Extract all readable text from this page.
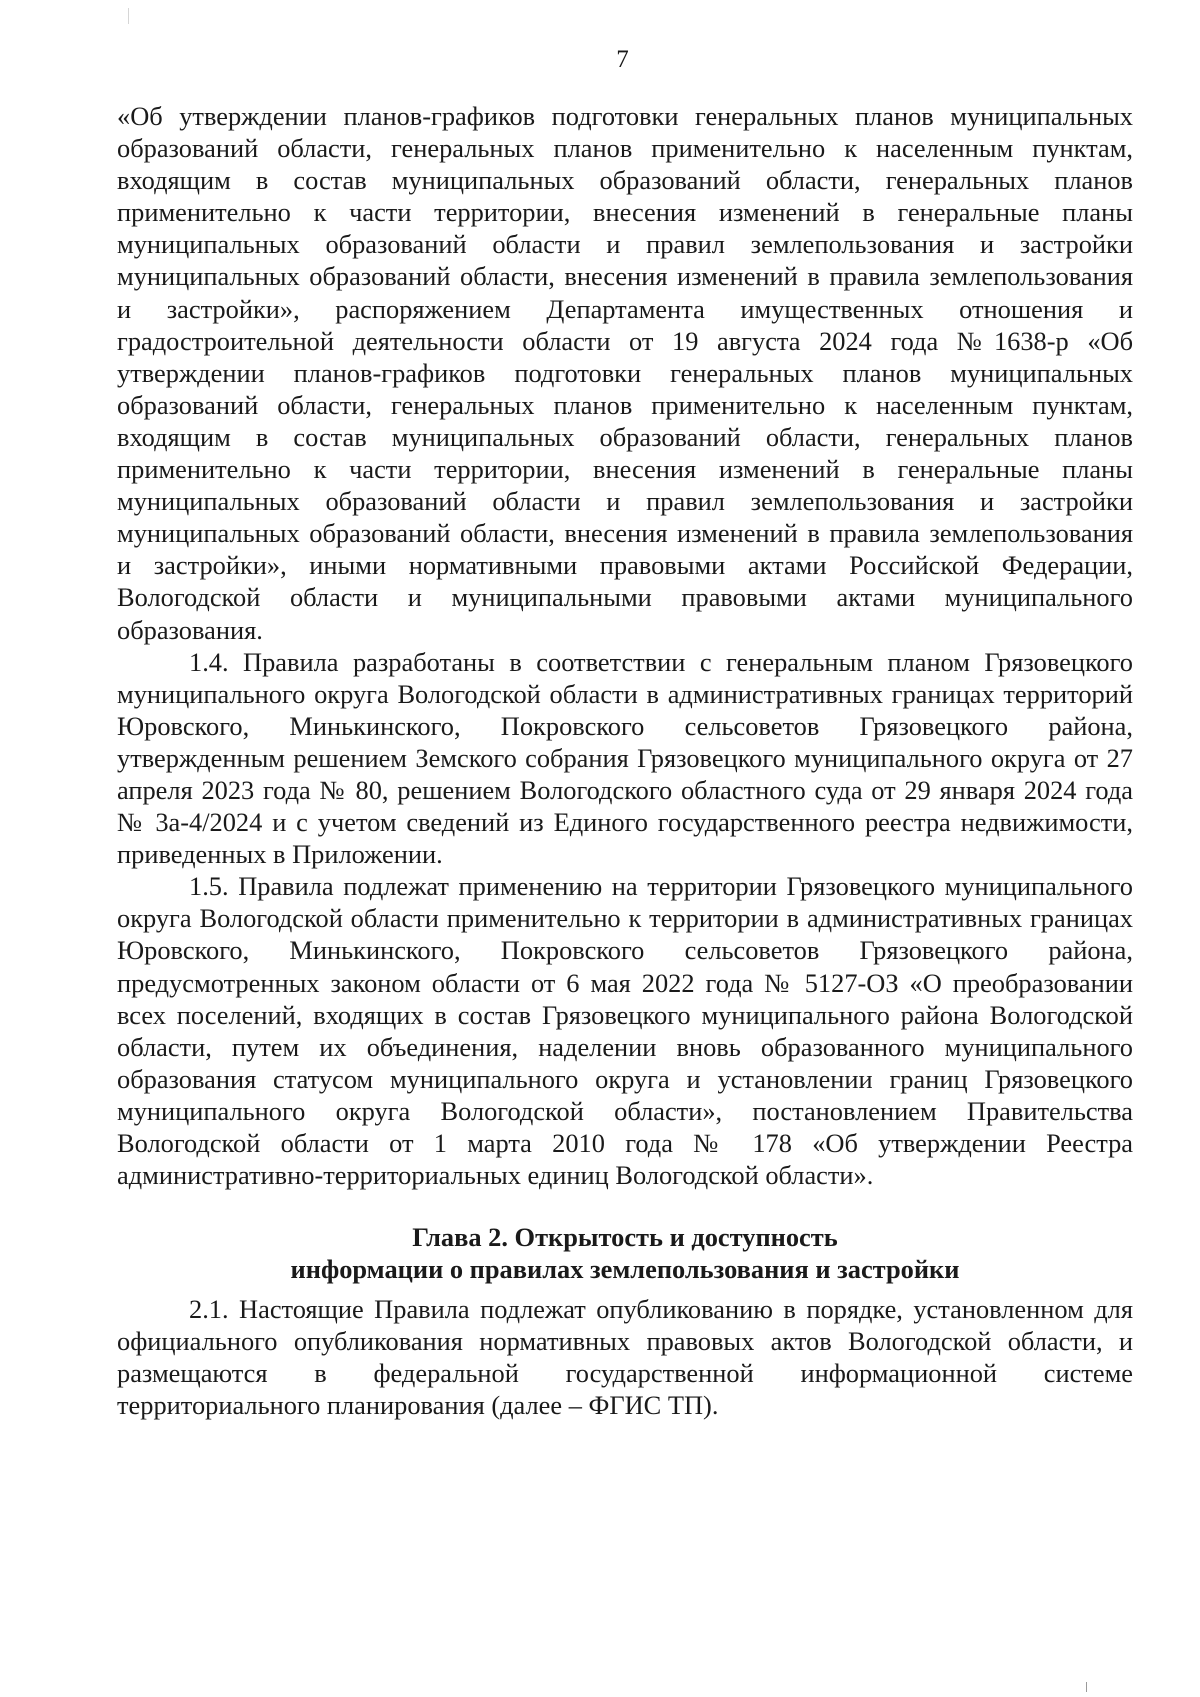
7

«Об утверждении планов-графиков подготовки генеральных планов муниципальных образований области, генеральных планов применительно к населенным пунктам, входящим в состав муниципальных образований области, генеральных планов применительно к части территории, внесения изменений в генеральные планы муниципальных образований области и правил землепользования и застройки муниципальных образований области, внесения изменений в правила землепользования и застройки», распоряжением Департамента имущественных отношения и градостроительной деятельности области от 19 августа 2024 года №1638-р «Об утверждении планов-графиков подготовки генеральных планов муниципальных образований области, генеральных планов применительно к населенным пунктам, входящим в состав муниципальных образований области, генеральных планов применительно к части территории, внесения изменений в генеральные планы муниципальных образований области и правил землепользования и застройки муниципальных образований области, внесения изменений в правила землепользования и застройки», иными нормативными правовыми актами Российской Федерации, Вологодской области и муниципальными правовыми актами муниципального образования.

1.4. Правила разработаны в соответствии с генеральным планом Грязовецкого муниципального округа Вологодской области в административных границах территорий Юровского, Минькинского, Покровского сельсоветов Грязовецкого района, утвержденным решением Земского собрания Грязовецкого муниципального округа от 27 апреля 2023 года № 80, решением Вологодского областного суда от 29 января 2024 года № 3а-4/2024 и с учетом сведений из Единого государственного реестра недвижимости, приведенных в Приложении.

1.5. Правила подлежат применению на территории Грязовецкого муниципального округа Вологодской области применительно к территории в административных границах Юровского, Минькинского, Покровского сельсоветов Грязовецкого района, предусмотренных законом области от 6 мая 2022 года № 5127-ОЗ «О преобразовании всех поселений, входящих в состав Грязовецкого муниципального района Вологодской области, путем их объединения, наделении вновь образованного муниципального образования статусом муниципального округа и установлении границ Грязовецкого муниципального округа Вологодской области», постановлением Правительства Вологодской области от 1 марта 2010 года № 178 «Об утверждении Реестра административно-территориальных единиц Вологодской области».

Глава 2. Открытость и доступность
информации о правилах землепользования и застройки

2.1. Настоящие Правила подлежат опубликованию в порядке, установленном для официального опубликования нормативных правовых актов Вологодской области, и размещаются в федеральной государственной информационной системе территориального планирования (далее – ФГИС ТП).
